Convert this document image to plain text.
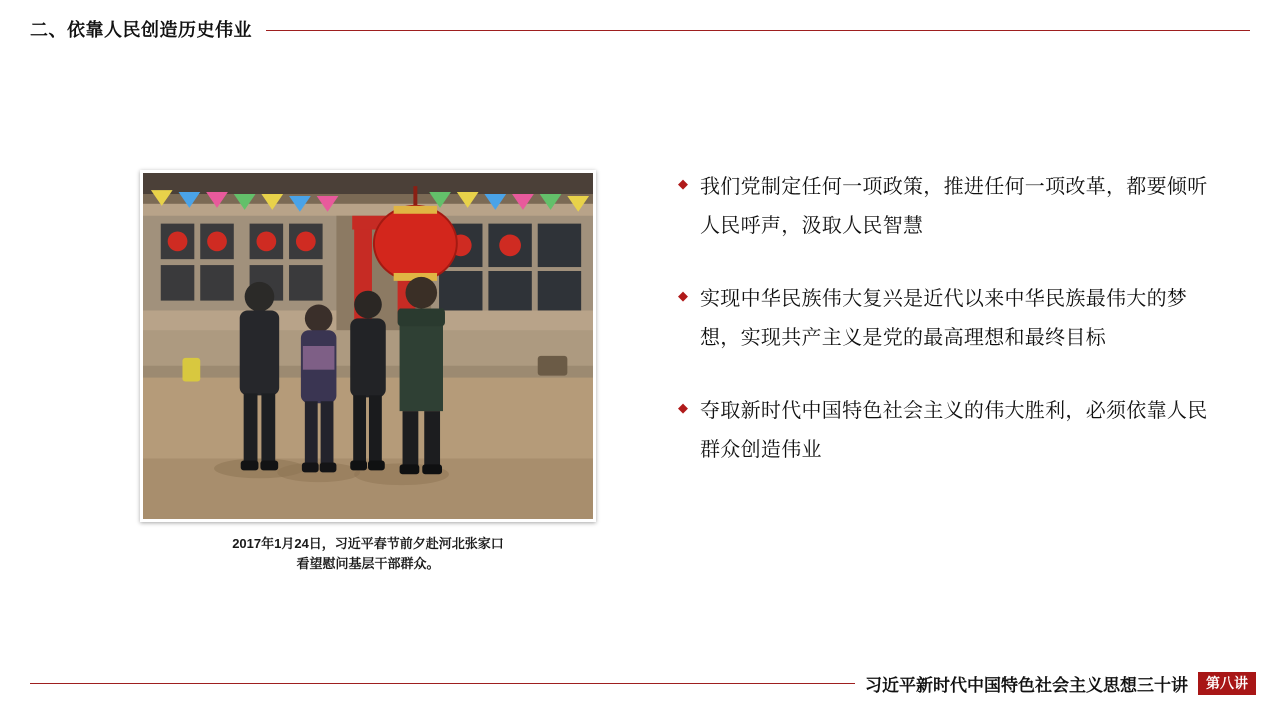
二、依靠人民创造历史伟业
2017年1月24日，习近平春节前夕赴河北张家口
看望慰问基层干部群众。
◆ 我们党制定任何一项政策，推进任何一项改革，都要倾听人民呼声，汲取人民智慧
◆ 实现中华民族伟大复兴是近代以来中华民族最伟大的梦想，实现共产主义是党的最高理想和最终目标
◆ 夺取新时代中国特色社会主义的伟大胜利，必须依靠人民群众创造伟业
习近平新时代中国特色社会主义思想三十讲	第八讲
